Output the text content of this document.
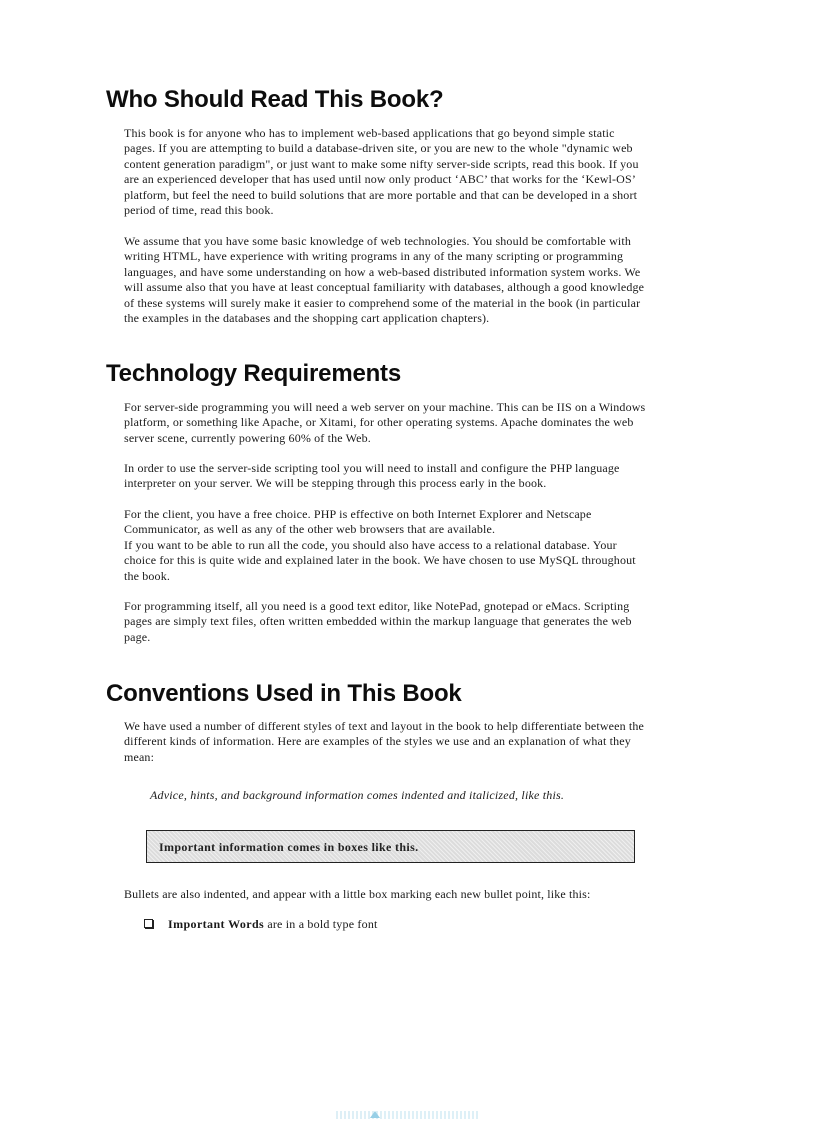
Who Should Read This Book?
This book is for anyone who has to implement web-based applications that go beyond simple static
pages. If you are attempting to build a database-driven site, or you are new to the whole "dynamic web
content generation paradigm", or just want to make some nifty server-side scripts, read this book. If you
are an experienced developer that has used until now only product ‘ABC’ that works for the ‘Kewl-OS’
platform, but feel the need to build solutions that are more portable and that can be developed in a short
period of time, read this book.
We assume that you have some basic knowledge of web technologies. You should be comfortable with
writing HTML, have experience with writing programs in any of the many scripting or programming
languages, and have some understanding on how a web-based distributed information system works. We
will assume also that you have at least conceptual familiarity with databases, although a good knowledge
of these systems will surely make it easier to comprehend some of the material in the book (in particular
the examples in the databases and the shopping cart application chapters).
Technology Requirements
For server-side programming you will need a web server on your machine. This can be IIS on a Windows
platform, or something like Apache, or Xitami, for other operating systems. Apache dominates the web
server scene, currently powering 60% of the Web.
In order to use the server-side scripting tool you will need to install and configure the PHP language
interpreter on your server. We will be stepping through this process early in the book.
For the client, you have a free choice. PHP is effective on both Internet Explorer and Netscape
Communicator, as well as any of the other web browsers that are available.
If you want to be able to run all the code, you should also have access to a relational database. Your
choice for this is quite wide and explained later in the book. We have chosen to use MySQL throughout
the book.
For programming itself, all you need is a good text editor, like NotePad, gnotepad or eMacs. Scripting
pages are simply text files, often written embedded within the markup language that generates the web
page.
Conventions Used in This Book
We have used a number of different styles of text and layout in the book to help differentiate between the
different kinds of information. Here are examples of the styles we use and an explanation of what they
mean:

Advice, hints, and background information comes indented and italicized, like this.

Important information comes in boxes like this.
Bullets are also indented, and appear with a little box marking each new bullet point, like this:
Important Words are in a bold type font
